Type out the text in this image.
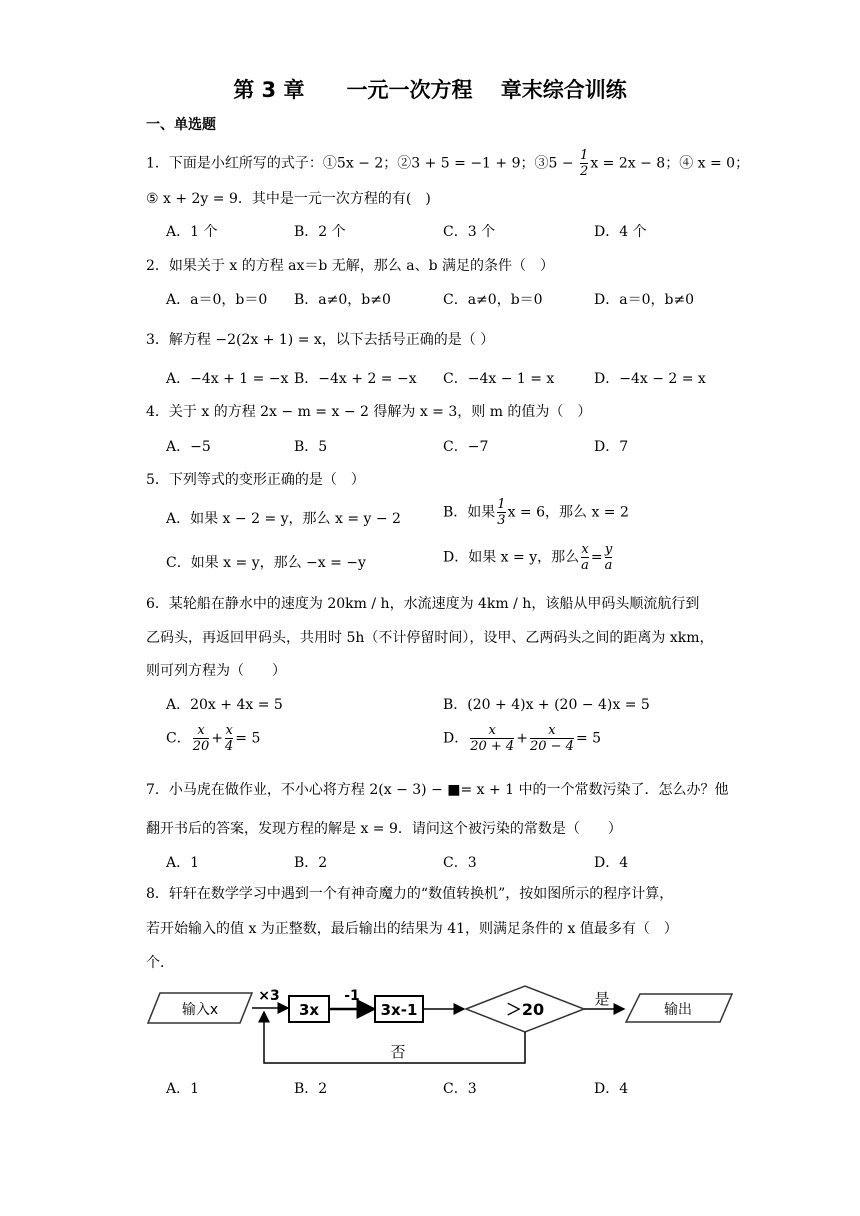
第 3 章　　一元一次方程　 章末综合训练
一、单选题
1．下面是小红所写的式子：①5x − 2；②3 + 5 = −1 + 9；③5 − $\frac{1}{2}$ x = 2x − 8；④ x = 0；
⑤ x + 2y = 9．其中是一元一次方程的有(　)
A．1 个	B．2 个	C．3 个	D．4 个
2．如果关于 x 的方程 ax＝b 无解，那么 a、b 满足的条件（　）
A．a＝0，b＝0 B．a≠0，b≠0	C．a≠0，b＝0	D．a＝0，b≠0
3．解方程 −2(2x + 1) = x，以下去括号正确的是（ ）
A．−4x + 1 = −x B．−4x + 2 = −x C．−4x − 1 = x	D．−4x − 2 = x
4．关于 x 的方程 2x − m = x − 2 得解为 x = 3，则 m 的值为（　）
A．−5	B．5	C．−7	D．7
5．下列等式的变形正确的是（　）
A．如果 x − 2 = y，那么 x = y − 2	B．如果 $\frac{1}{3}$ x = 6，那么 x = 2
C．如果 x = y，那么 −x = −y	D．如果 x = y，那么 $\frac{x}{a} = \frac{y}{a}$
6．某轮船在静水中的速度为 20km / h，水流速度为 4km / h，该船从甲码头顺流航行到
乙码头，再返回甲码头，共用时 5h（不计停留时间），设甲、乙两码头之间的距离为 xkm，
则可列方程为（　　）
A．20x + 4x = 5	B．(20 + 4)x + (20 − 4)x = 5
C． $\frac{x}{20} + \frac{x}{4} = 5$	D． $\frac{x}{20 + 4} + \frac{x}{20 - 4} = 5$
7．小马虎在做作业，不小心将方程 2(x − 3) − ■= x + 1 中的一个常数污染了．怎么办？他
翻开书后的答案，发现方程的解是 x = 9．请问这个被污染的常数是（　　）
A．1	B．2	C．3	D．4
8．轩轩在数学学习中遇到一个有神奇魔力的“数值转换机”，按如图所示的程序计算，
若开始输入的值 x 为正整数，最后输出的结果为 41，则满足条件的 x 值最多有（　）
个．
输入x
×3
3x
-1
3x-1	＞20
是
输出
否
A．1	B．2	C．3	D．4
